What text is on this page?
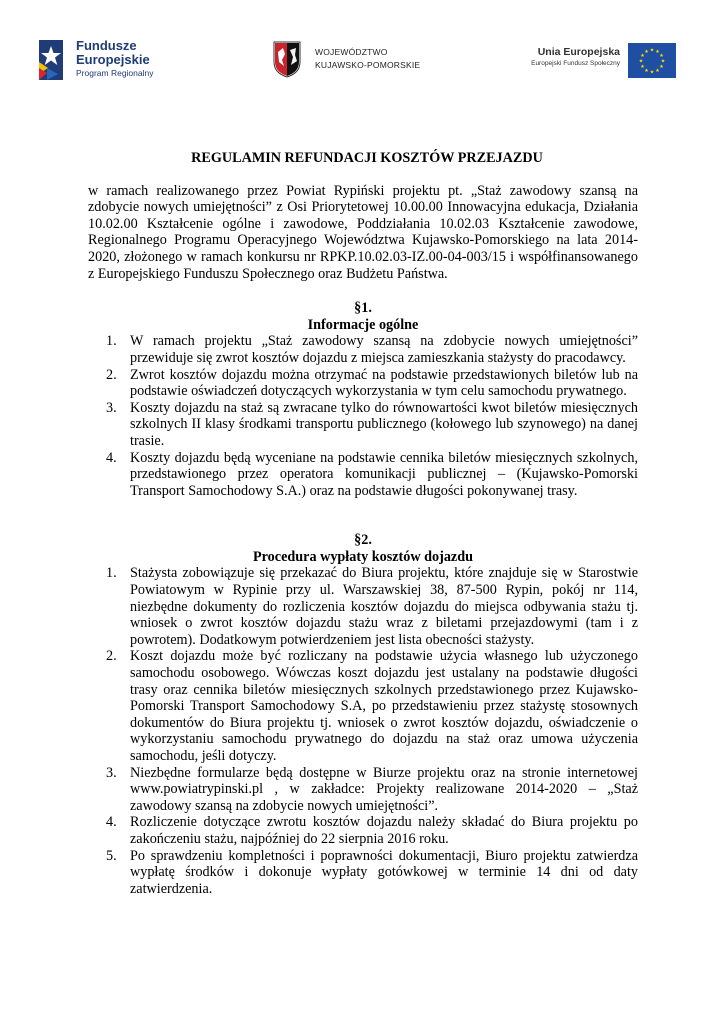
Fundusze
Europejskie
Program Regionalny
WOJEWÓDZTWO
KUJAWSKO-POMORSKIE
Unia Europejska
Europejski Fundusz Społeczny
★ ★
★
★
★
★
★
★
★
★
★
★

REGULAMIN REFUNDACJI KOSZTÓW PRZEJAZDU

w ramach realizowanego przez Powiat Rypiński projektu pt. „Staż zawodowy szansą na zdobycie nowych umiejętności” z Osi Priorytetowej 10.00.00 Innowacyjna edukacja, Działania 10.02.00 Kształcenie ogólne i zawodowe, Poddziałania 10.02.03 Kształcenie zawodowe, Regionalnego Programu Operacyjnego Województwa Kujawsko-Pomorskiego na lata 2014-2020, złożonego w ramach konkursu nr RPKP.10.02.03-IZ.00-04-003/15 i współfinansowanego z Europejskiego Funduszu Społecznego oraz Budżetu Państwa.

§1.

Informacje ogólne

1. W ramach projektu „Staż zawodowy szansą na zdobycie nowych umiejętności” przewiduje się zwrot kosztów dojazdu z miejsca zamieszkania stażysty do pracodawcy.
2. Zwrot kosztów dojazdu można otrzymać na podstawie przedstawionych biletów lub na podstawie oświadczeń dotyczących wykorzystania w tym celu samochodu prywatnego.
3. Koszty dojazdu na staż są zwracane tylko do równowartości kwot biletów miesięcznych szkolnych II klasy środkami transportu publicznego (kołowego lub szynowego) na danej trasie.
4. Koszty dojazdu będą wyceniane na podstawie cennika biletów miesięcznych szkolnych, przedstawionego przez operatora komunikacji publicznej – (Kujawsko-Pomorski Transport Samochodowy S.A.) oraz na podstawie długości pokonywanej trasy.

§2.

Procedura wypłaty kosztów dojazdu

1. Stażysta zobowiązuje się przekazać do Biura projektu, które znajduje się w Starostwie Powiatowym w Rypinie przy ul. Warszawskiej 38, 87-500 Rypin, pokój nr 114, niezbędne dokumenty do rozliczenia kosztów dojazdu do miejsca odbywania stażu tj. wniosek o zwrot kosztów dojazdu stażu wraz z biletami przejazdowymi (tam i z powrotem). Dodatkowym potwierdzeniem jest lista obecności stażysty.
2. Koszt dojazdu może być rozliczany na podstawie użycia własnego lub użyczonego samochodu osobowego. Wówczas koszt dojazdu jest ustalany na podstawie długości trasy oraz cennika biletów miesięcznych szkolnych przedstawionego przez Kujawsko-Pomorski Transport Samochodowy S.A, po przedstawieniu przez stażystę stosownych dokumentów do Biura projektu tj. wniosek o zwrot kosztów dojazdu, oświadczenie o wykorzystaniu samochodu prywatnego do dojazdu na staż oraz umowa użyczenia samochodu, jeśli dotyczy.
3. Niezbędne formularze będą dostępne w Biurze projektu oraz na stronie internetowej www.powiatrypinski.pl , w zakładce: Projekty realizowane 2014-2020 – „Staż zawodowy szansą na zdobycie nowych umiejętności”.
4. Rozliczenie dotyczące zwrotu kosztów dojazdu należy składać do Biura projektu po zakończeniu stażu, najpóźniej do 22 sierpnia 2016 roku.
5. Po sprawdzeniu kompletności i poprawności dokumentacji, Biuro projektu zatwierdza wypłatę środków i dokonuje wypłaty gotówkowej w terminie 14 dni od daty zatwierdzenia.
